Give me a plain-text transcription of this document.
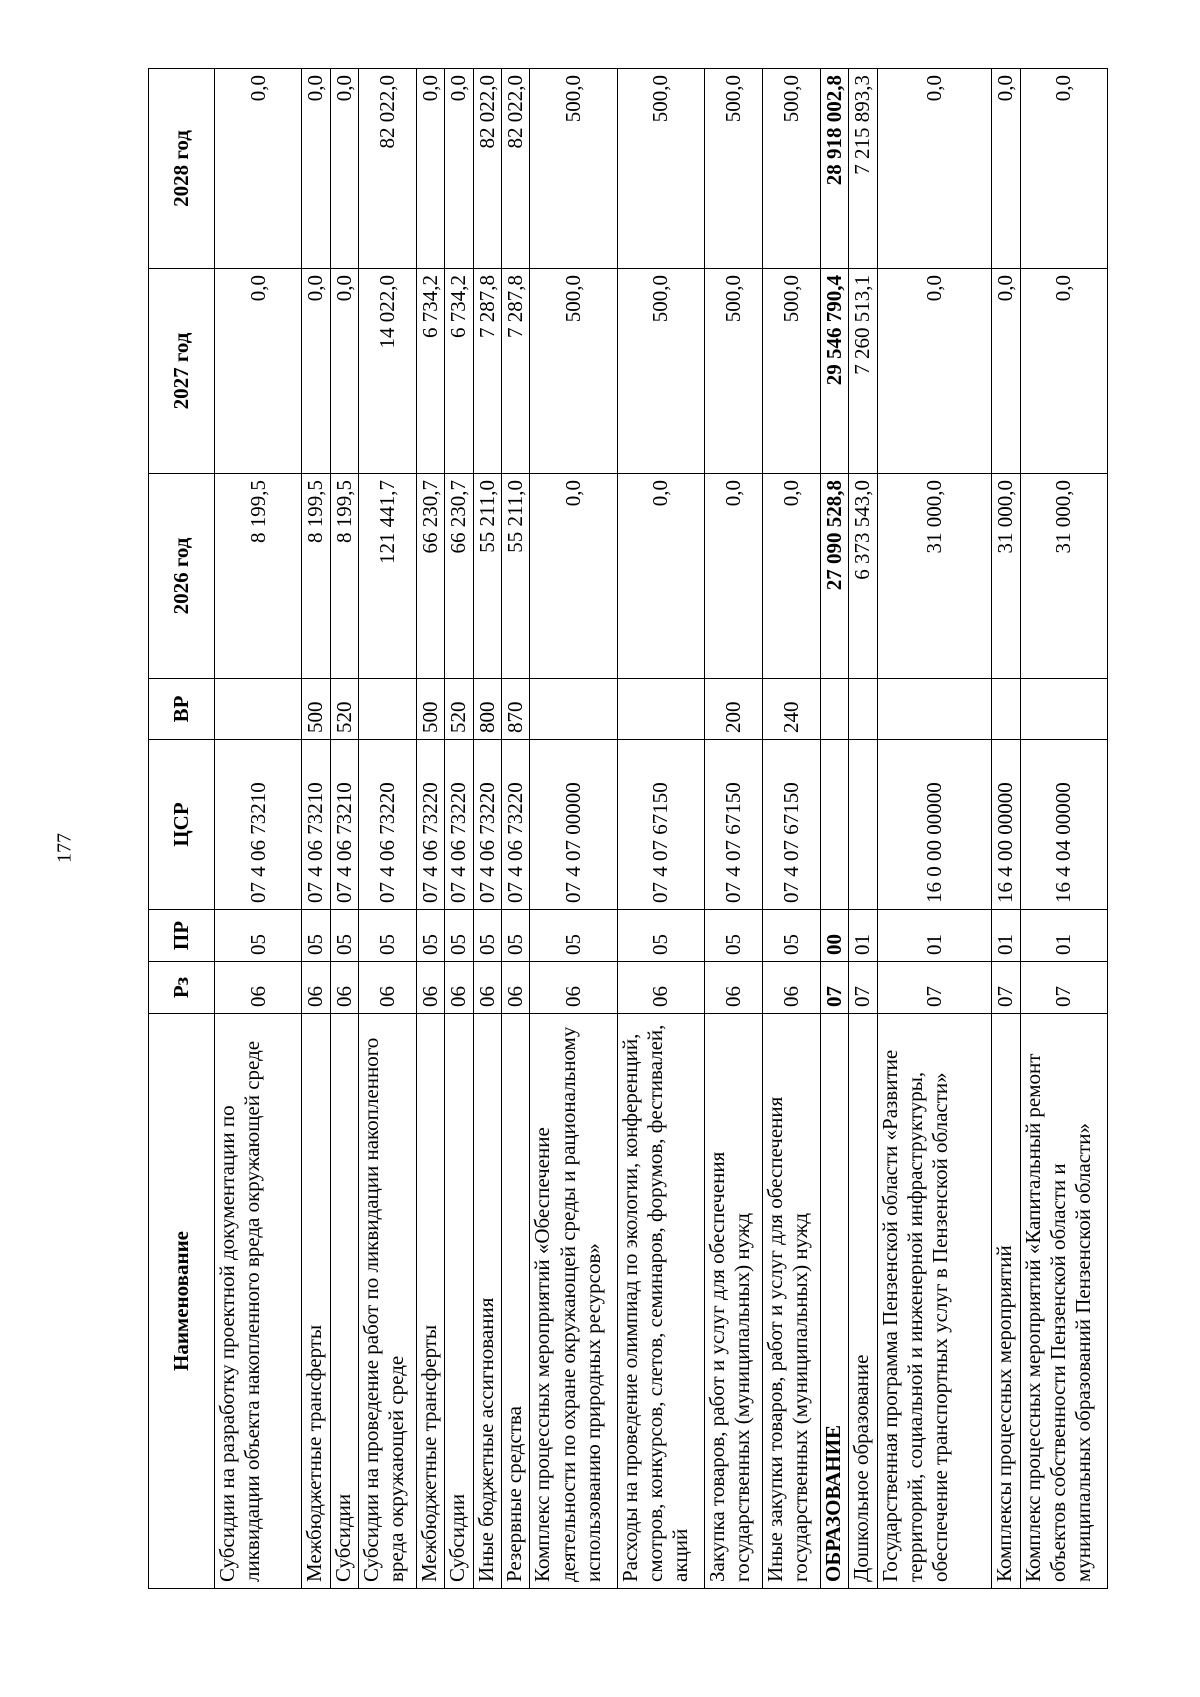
177
Наименование	Рз	ПР	ЦСР	ВР	2026 год	2027 год	2028 год
Субсидии на разработку проектной документации по ликвидации объекта накопленного вреда окружающей среде	06	05	07 4 06 73210		8 199,5	0,0	0,0
Межбюджетные трансферты	06	05	07 4 06 73210	500	8 199,5	0,0	0,0
Субсидии	06	05	07 4 06 73210	520	8 199,5	0,0	0,0
Субсидии на проведение работ по ликвидации накопленного вреда окружающей среде	06	05	07 4 06 73220		121 441,7	14 022,0	82 022,0
Межбюджетные трансферты	06	05	07 4 06 73220	500	66 230,7	6 734,2	0,0
Субсидии	06	05	07 4 06 73220	520	66 230,7	6 734,2	0,0
Иные бюджетные ассигнования	06	05	07 4 06 73220	800	55 211,0	7 287,8	82 022,0
Резервные средства	06	05	07 4 06 73220	870	55 211,0	7 287,8	82 022,0
Комплекс процессных мероприятий «Обеспечение деятельности по охране окружающей среды и рациональному использованию природных ресурсов»	06	05	07 4 07 00000		0,0	500,0	500,0
Расходы на проведение олимпиад по экологии, конференций, смотров, конкурсов, слетов, семинаров, форумов, фестивалей, акций	06	05	07 4 07 67150		0,0	500,0	500,0
Закупка товаров, работ и услуг для обеспечения государственных (муниципальных) нужд	06	05	07 4 07 67150	200	0,0	500,0	500,0
Иные закупки товаров, работ и услуг для обеспечения государственных (муниципальных) нужд	06	05	07 4 07 67150	240	0,0	500,0	500,0
ОБРАЗОВАНИЕ	07	00			27 090 528,8	29 546 790,4	28 918 002,8
Дошкольное образование	07	01			6 373 543,0	7 260 513,1	7 215 893,3
Государственная программа Пензенской области «Развитие территорий, социальной и инженерной инфраструктуры, обеспечение транспортных услуг в Пензенской области»	07	01	16 0 00 00000		31 000,0	0,0	0,0
Комплексы процессных мероприятий	07	01	16 4 00 00000		31 000,0	0,0	0,0
Комплекс процессных мероприятий «Капитальный ремонт объектов собственности Пензенской области и муниципальных образований Пензенской области»	07	01	16 4 04 00000		31 000,0	0,0	0,0
